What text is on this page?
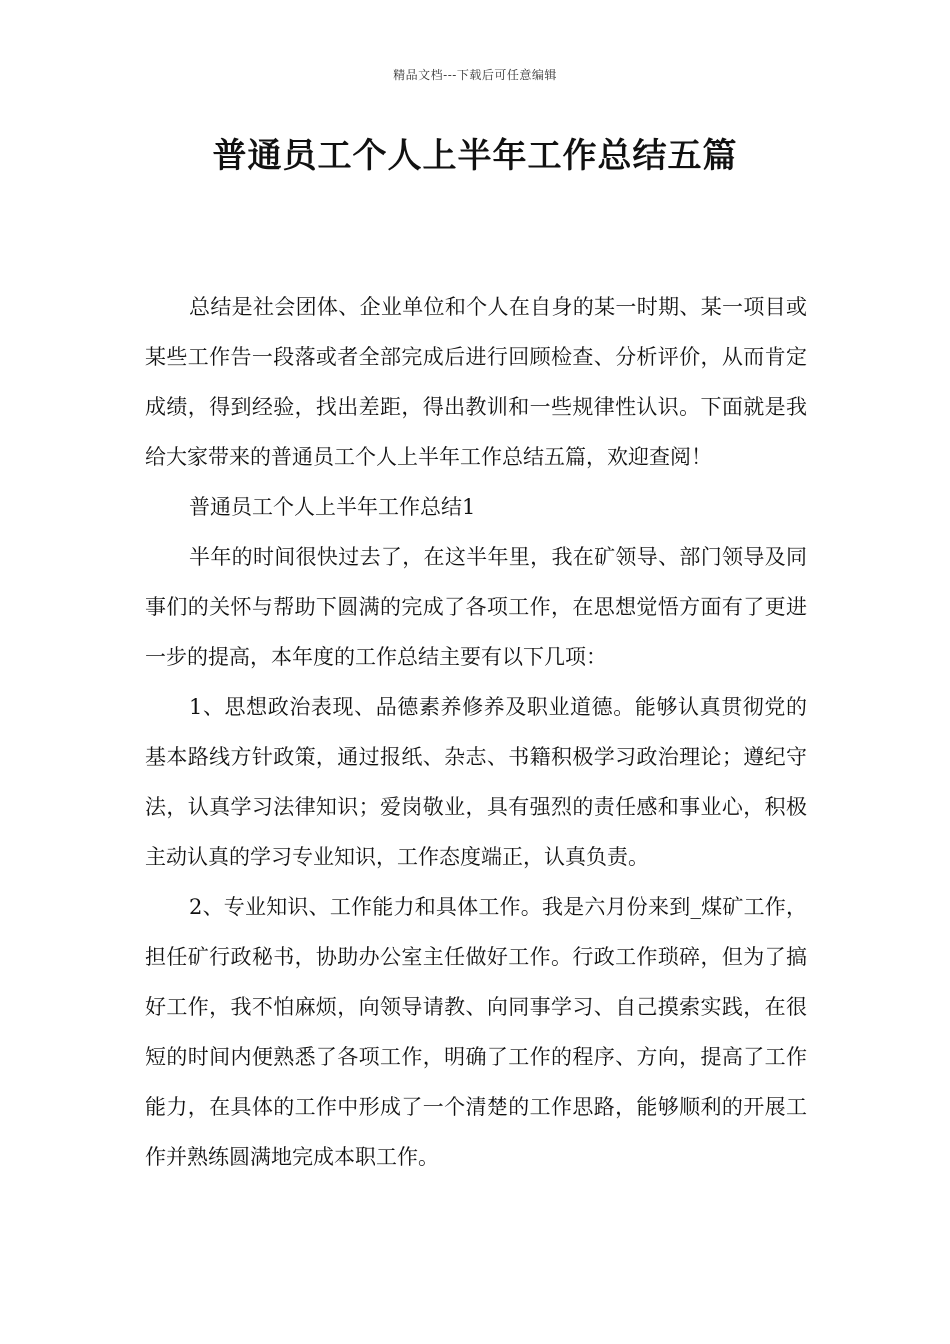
精品文档---下载后可任意编辑
普通员工个人上半年工作总结五篇

总结是社会团体、企业单位和个人在自身的某一时期、某一项目或某些工作告一段落或者全部完成后进行回顾检查、分析评价，从而肯定成绩，得到经验，找出差距，得出教训和一些规律性认识。下面就是我给大家带来的普通员工个人上半年工作总结五篇，欢迎查阅！

普通员工个人上半年工作总结1

半年的时间很快过去了，在这半年里，我在矿领导、部门领导及同事们的关怀与帮助下圆满的完成了各项工作，在思想觉悟方面有了更进一步的提高，本年度的工作总结主要有以下几项：

1、思想政治表现、品德素养修养及职业道德。能够认真贯彻党的基本路线方针政策，通过报纸、杂志、书籍积极学习政治理论；遵纪守法，认真学习法律知识；爱岗敬业，具有强烈的责任感和事业心，积极主动认真的学习专业知识，工作态度端正，认真负责。

2、专业知识、工作能力和具体工作。我是六月份来到_煤矿工作，担任矿行政秘书，协助办公室主任做好工作。行政工作琐碎，但为了搞好工作，我不怕麻烦，向领导请教、向同事学习、自己摸索实践，在很短的时间内便熟悉了各项工作，明确了工作的程序、方向，提高了工作能力，在具体的工作中形成了一个清楚的工作思路，能够顺利的开展工作并熟练圆满地完成本职工作。
